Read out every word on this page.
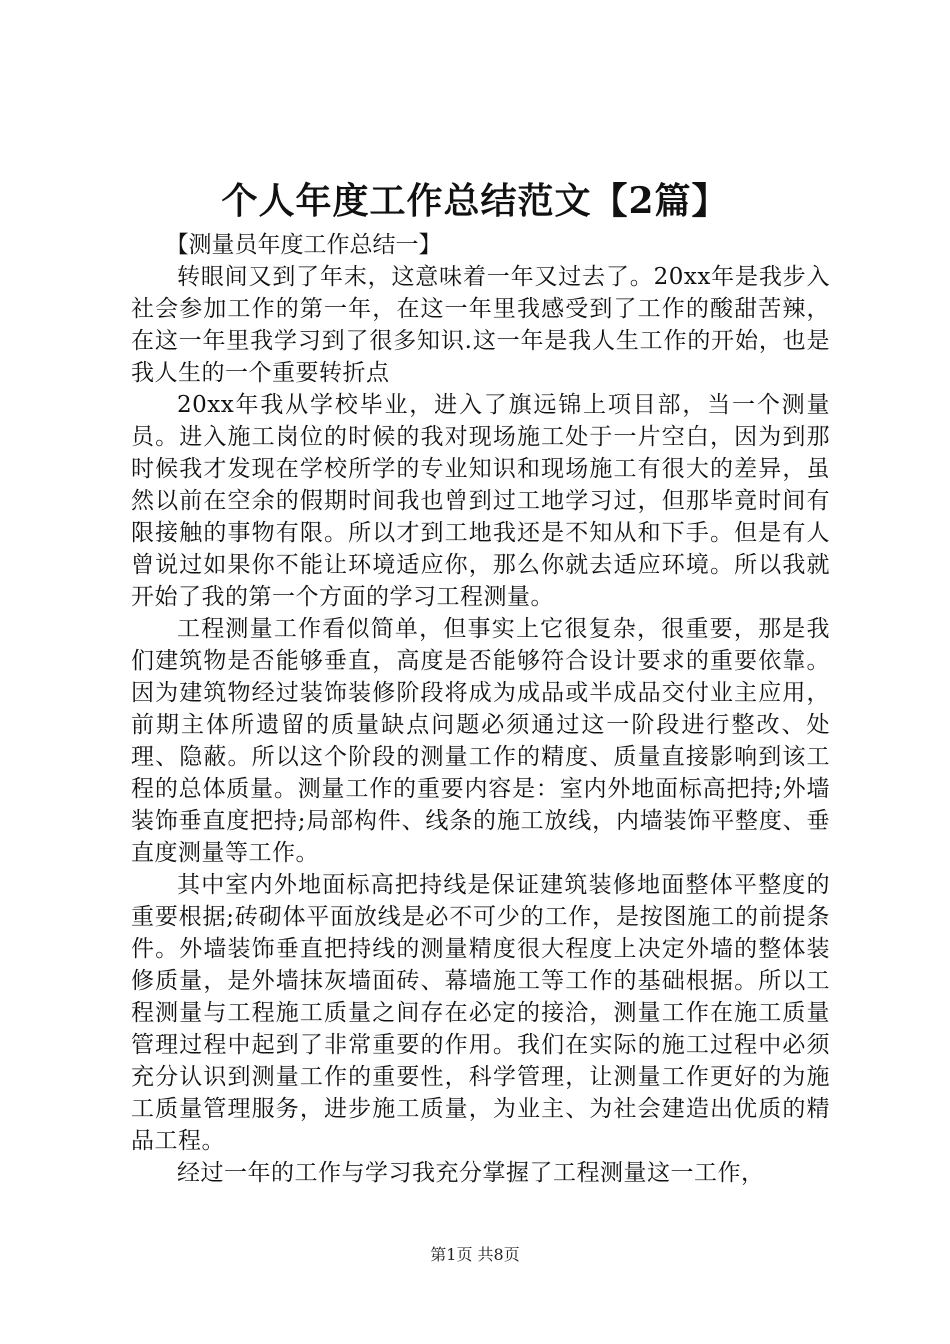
个人年度工作总结范文【2篇】

【测量员年度工作总结一】

转眼间又到了年末，这意味着一年又过去了。20xx年是我步入社会参加工作的第一年，在这一年里我感受到了工作的酸甜苦辣，在这一年里我学习到了很多知识.这一年是我人生工作的开始，也是我人生的一个重要转折点

20xx年我从学校毕业，进入了旗远锦上项目部，当一个测量员。进入施工岗位的时候的我对现场施工处于一片空白，因为到那时候我才发现在学校所学的专业知识和现场施工有很大的差异，虽然以前在空余的假期时间我也曾到过工地学习过，但那毕竟时间有限接触的事物有限。所以才到工地我还是不知从和下手。但是有人曾说过如果你不能让环境适应你，那么你就去适应环境。所以我就开始了我的第一个方面的学习工程测量。

工程测量工作看似简单，但事实上它很复杂，很重要，那是我们建筑物是否能够垂直，高度是否能够符合设计要求的重要依靠。因为建筑物经过装饰装修阶段将成为成品或半成品交付业主应用，前期主体所遗留的质量缺点问题必须通过这一阶段进行整改、处理、隐蔽。所以这个阶段的测量工作的精度、质量直接影响到该工程的总体质量。测量工作的重要内容是：室内外地面标高把持;外墙装饰垂直度把持;局部构件、线条的施工放线，内墙装饰平整度、垂直度测量等工作。

其中室内外地面标高把持线是保证建筑装修地面整体平整度的重要根据;砖砌体平面放线是必不可少的工作，是按图施工的前提条件。外墙装饰垂直把持线的测量精度很大程度上决定外墙的整体装修质量，是外墙抹灰墙面砖、幕墙施工等工作的基础根据。所以工程测量与工程施工质量之间存在必定的接洽，测量工作在施工质量管理过程中起到了非常重要的作用。我们在实际的施工过程中必须充分认识到测量工作的重要性，科学管理，让测量工作更好的为施工质量管理服务，进步施工质量，为业主、为社会建造出优质的精品工程。

经过一年的工作与学习我充分掌握了工程测量这一工作，

第1页 共8页
